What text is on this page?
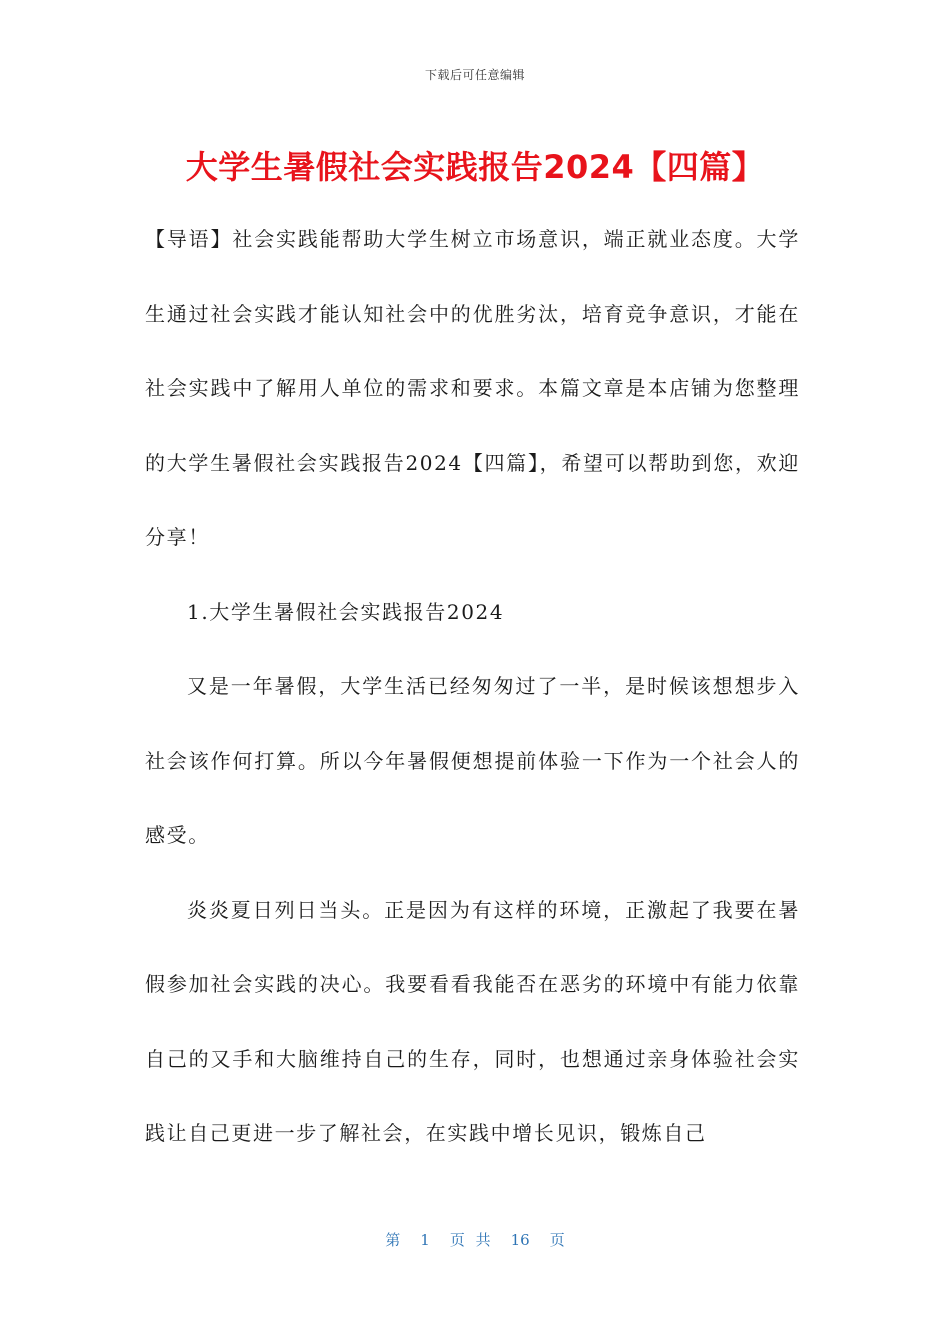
下载后可任意编辑
大学生暑假社会实践报告2024【四篇】

【导语】社会实践能帮助大学生树立市场意识，端正就业态度。大学生通过社会实践才能认知社会中的优胜劣汰，培育竞争意识，才能在社会实践中了解用人单位的需求和要求。本篇文章是本店铺为您整理的大学生暑假社会实践报告2024【四篇】，希望可以帮助到您，欢迎分享！

1.大学生暑假社会实践报告2024

又是一年暑假，大学生活已经匆匆过了一半，是时候该想想步入社会该作何打算。所以今年暑假便想提前体验一下作为一个社会人的感受。

炎炎夏日列日当头。正是因为有这样的环境，正激起了我要在暑假参加社会实践的决心。我要看看我能否在恶劣的环境中有能力依靠自己的又手和大脑维持自己的生存，同时，也想通过亲身体验社会实践让自己更进一步了解社会，在实践中增长见识，锻炼自己

第 1 页 共 16 页
